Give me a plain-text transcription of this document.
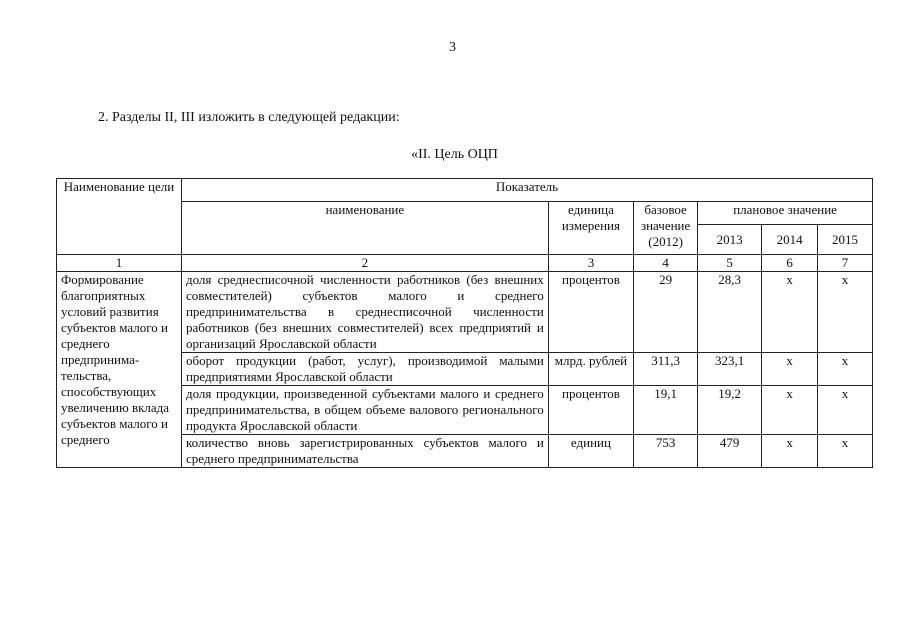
3
2. Разделы II, III изложить в следующей редакции:
«II. Цель ОЦП
Наименование цели	Показатель					
	наименование	единица измерения	базовое значение (2012)	плановое значение		
				2013	2014	2015
1	2	3	4	5	6	7
Формирование благоприятных условий развития субъектов малого и среднего предпринима-тельства, способствующих увеличению вклада субъектов малого и среднего	доля среднесписочной численности работников (без внешних совместителей) субъектов малого и среднего предпринимательства в среднесписочной численности работников (без внешних совместителей) всех предприятий и организаций Ярославской области	процентов	29	28,3	х	х
	оборот продукции (работ, услуг), производимой малыми предприятиями Ярославской области	млрд. рублей	311,3	323,1	х	х
	доля продукции, произведенной субъектами малого и среднего предпринимательства, в общем объеме валового регионального продукта Ярославской области	процентов	19,1	19,2	х	х
	количество вновь зарегистрированных субъектов малого и среднего предпринимательства	единиц	753	479	х	х
